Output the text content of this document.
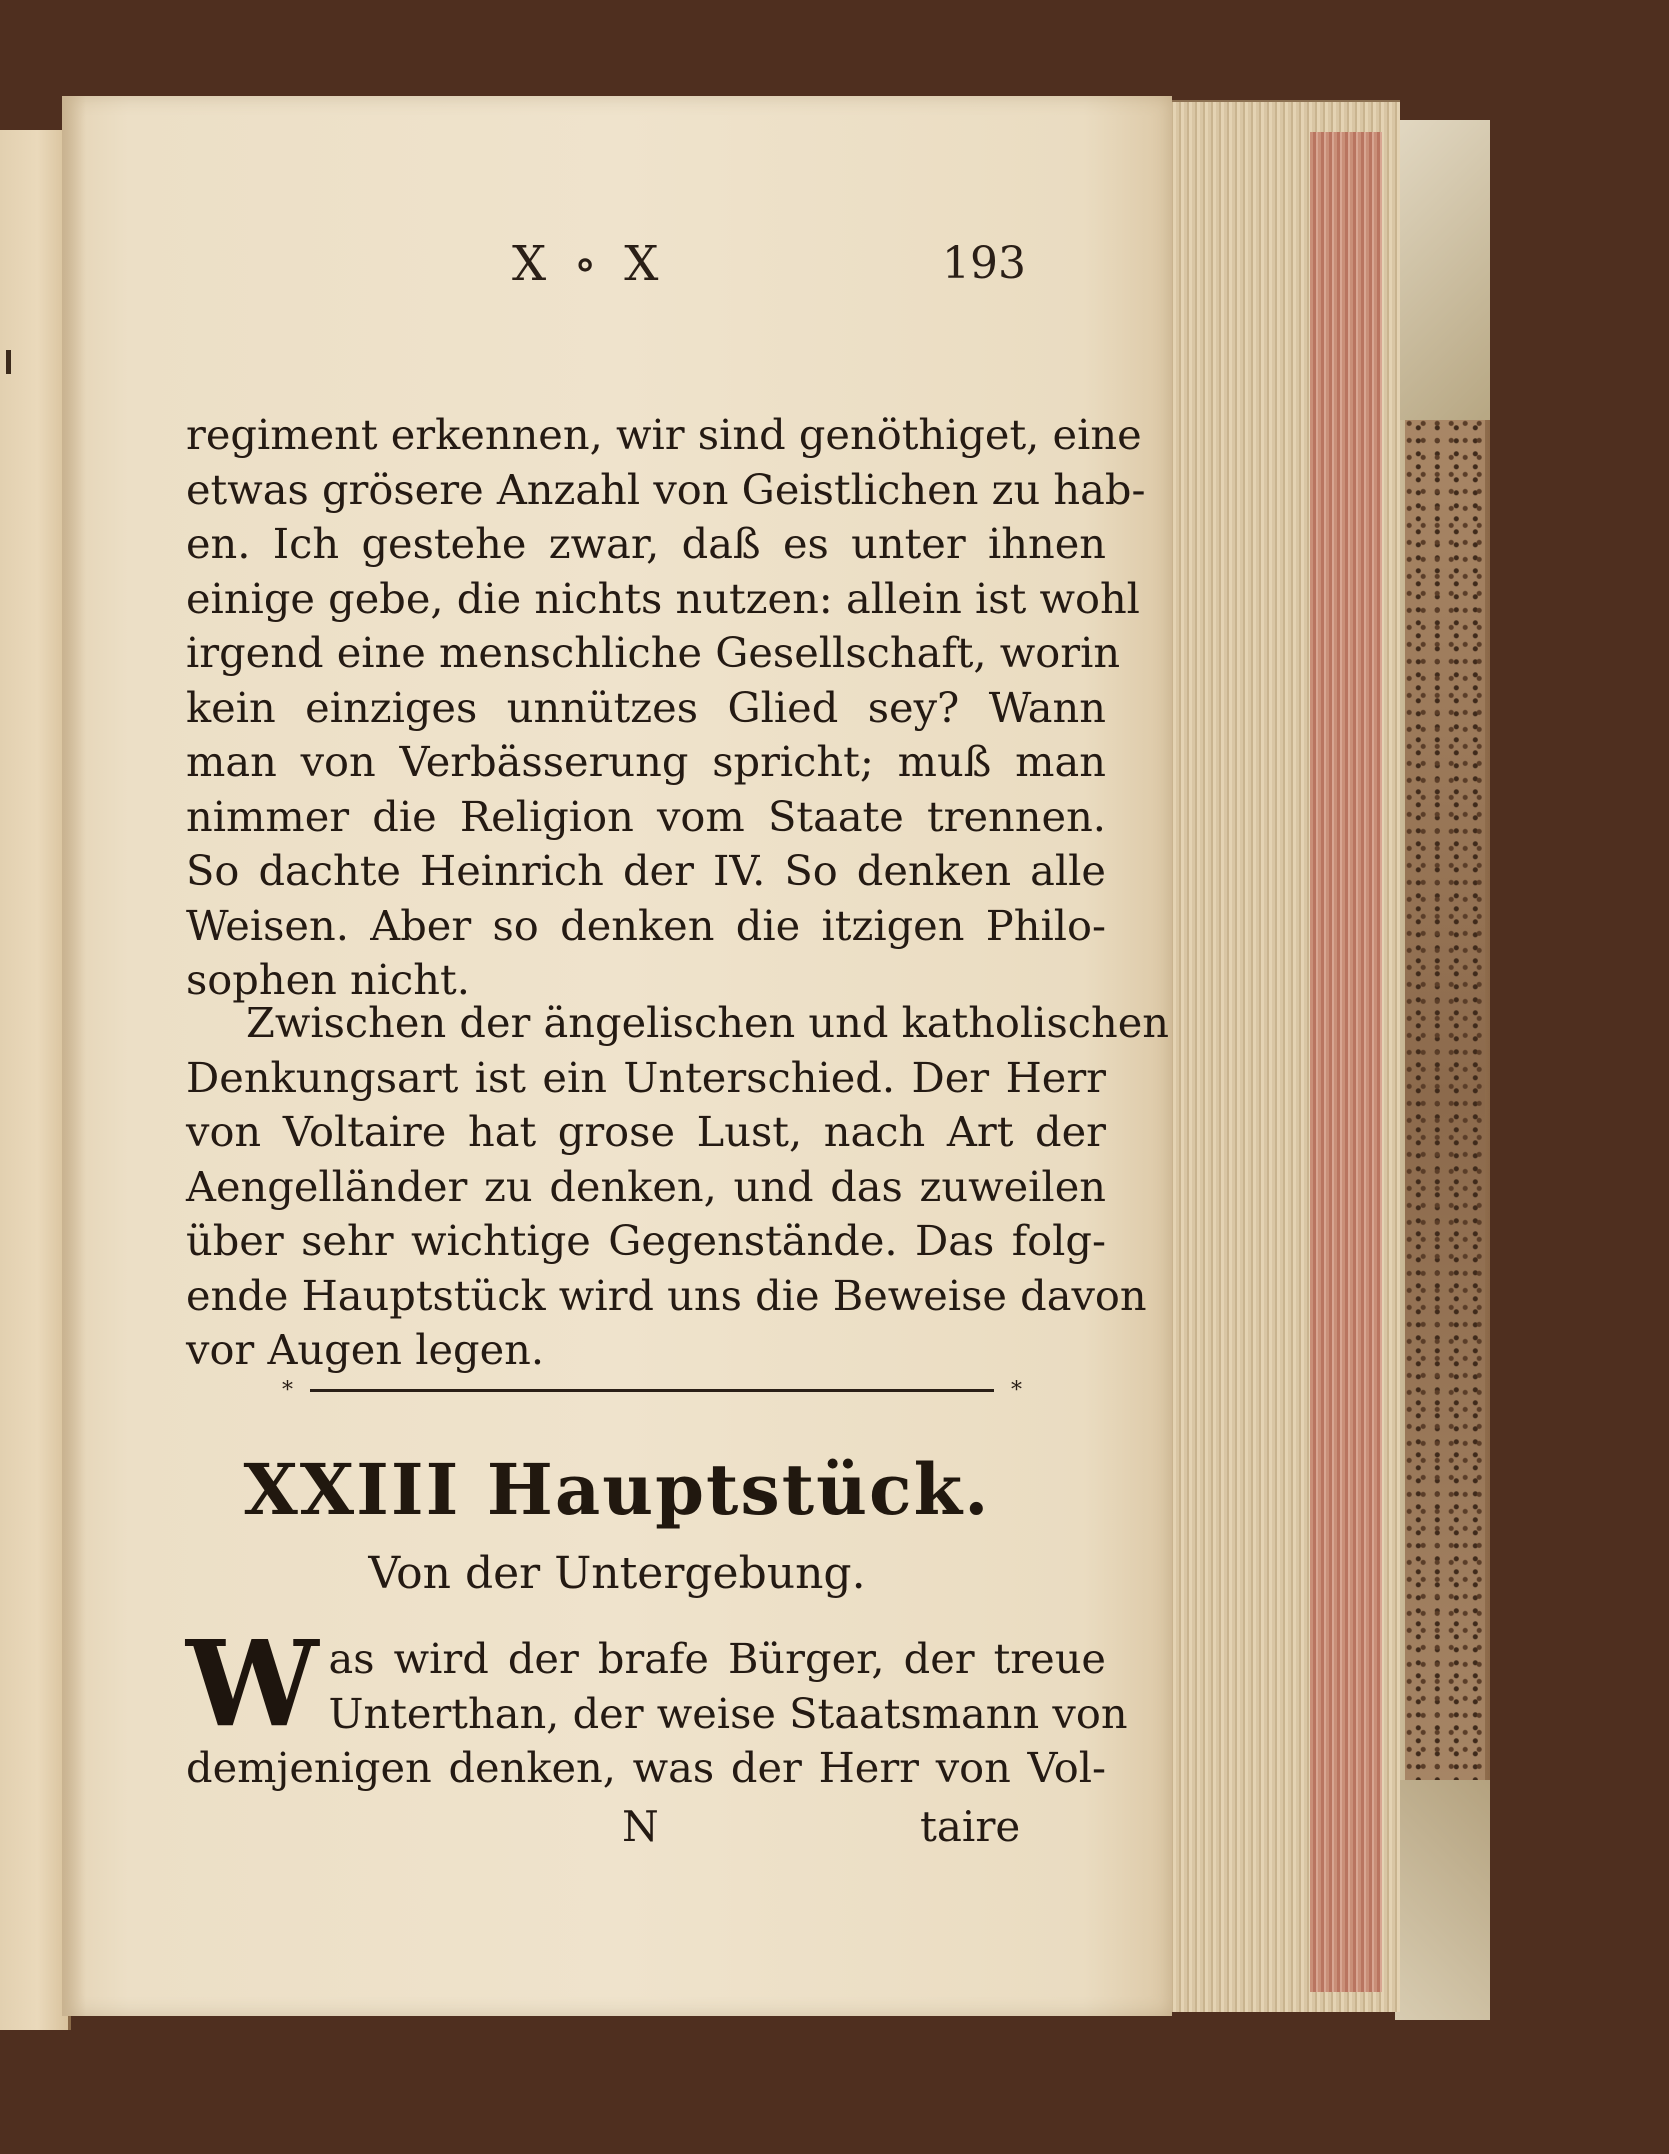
X ∘ X	193
regiment erkennen, wir sind genöthiget, eine
etwas grösere Anzahl von Geistlichen zu hab-
en. Ich gestehe zwar, daß es unter ihnen
einige gebe, die nichts nutzen: allein ist wohl
irgend eine menschliche Gesellschaft, worin
kein einziges unnützes Glied sey? Wann
man von Verbässerung spricht; muß man
nimmer die Religion vom Staate trennen.
So dachte Heinrich der IV. So denken alle
Weisen. Aber so denken die itzigen Philo-
sophen nicht.
Zwischen der ängelischen und katholischen
Denkungsart ist ein Unterschied. Der Herr
von Voltaire hat grose Lust, nach Art der
Aengelländer zu denken, und das zuweilen
über sehr wichtige Gegenstände. Das folg-
ende Hauptstück wird uns die Beweise davon
vor Augen legen.
*	*
XXIII Hauptstück.
Von der Untergebung.
W as wird der brafe Bürger, der treue
Unterthan, der weise Staatsmann von
demjenigen denken, was der Herr von Vol-
N	taire
